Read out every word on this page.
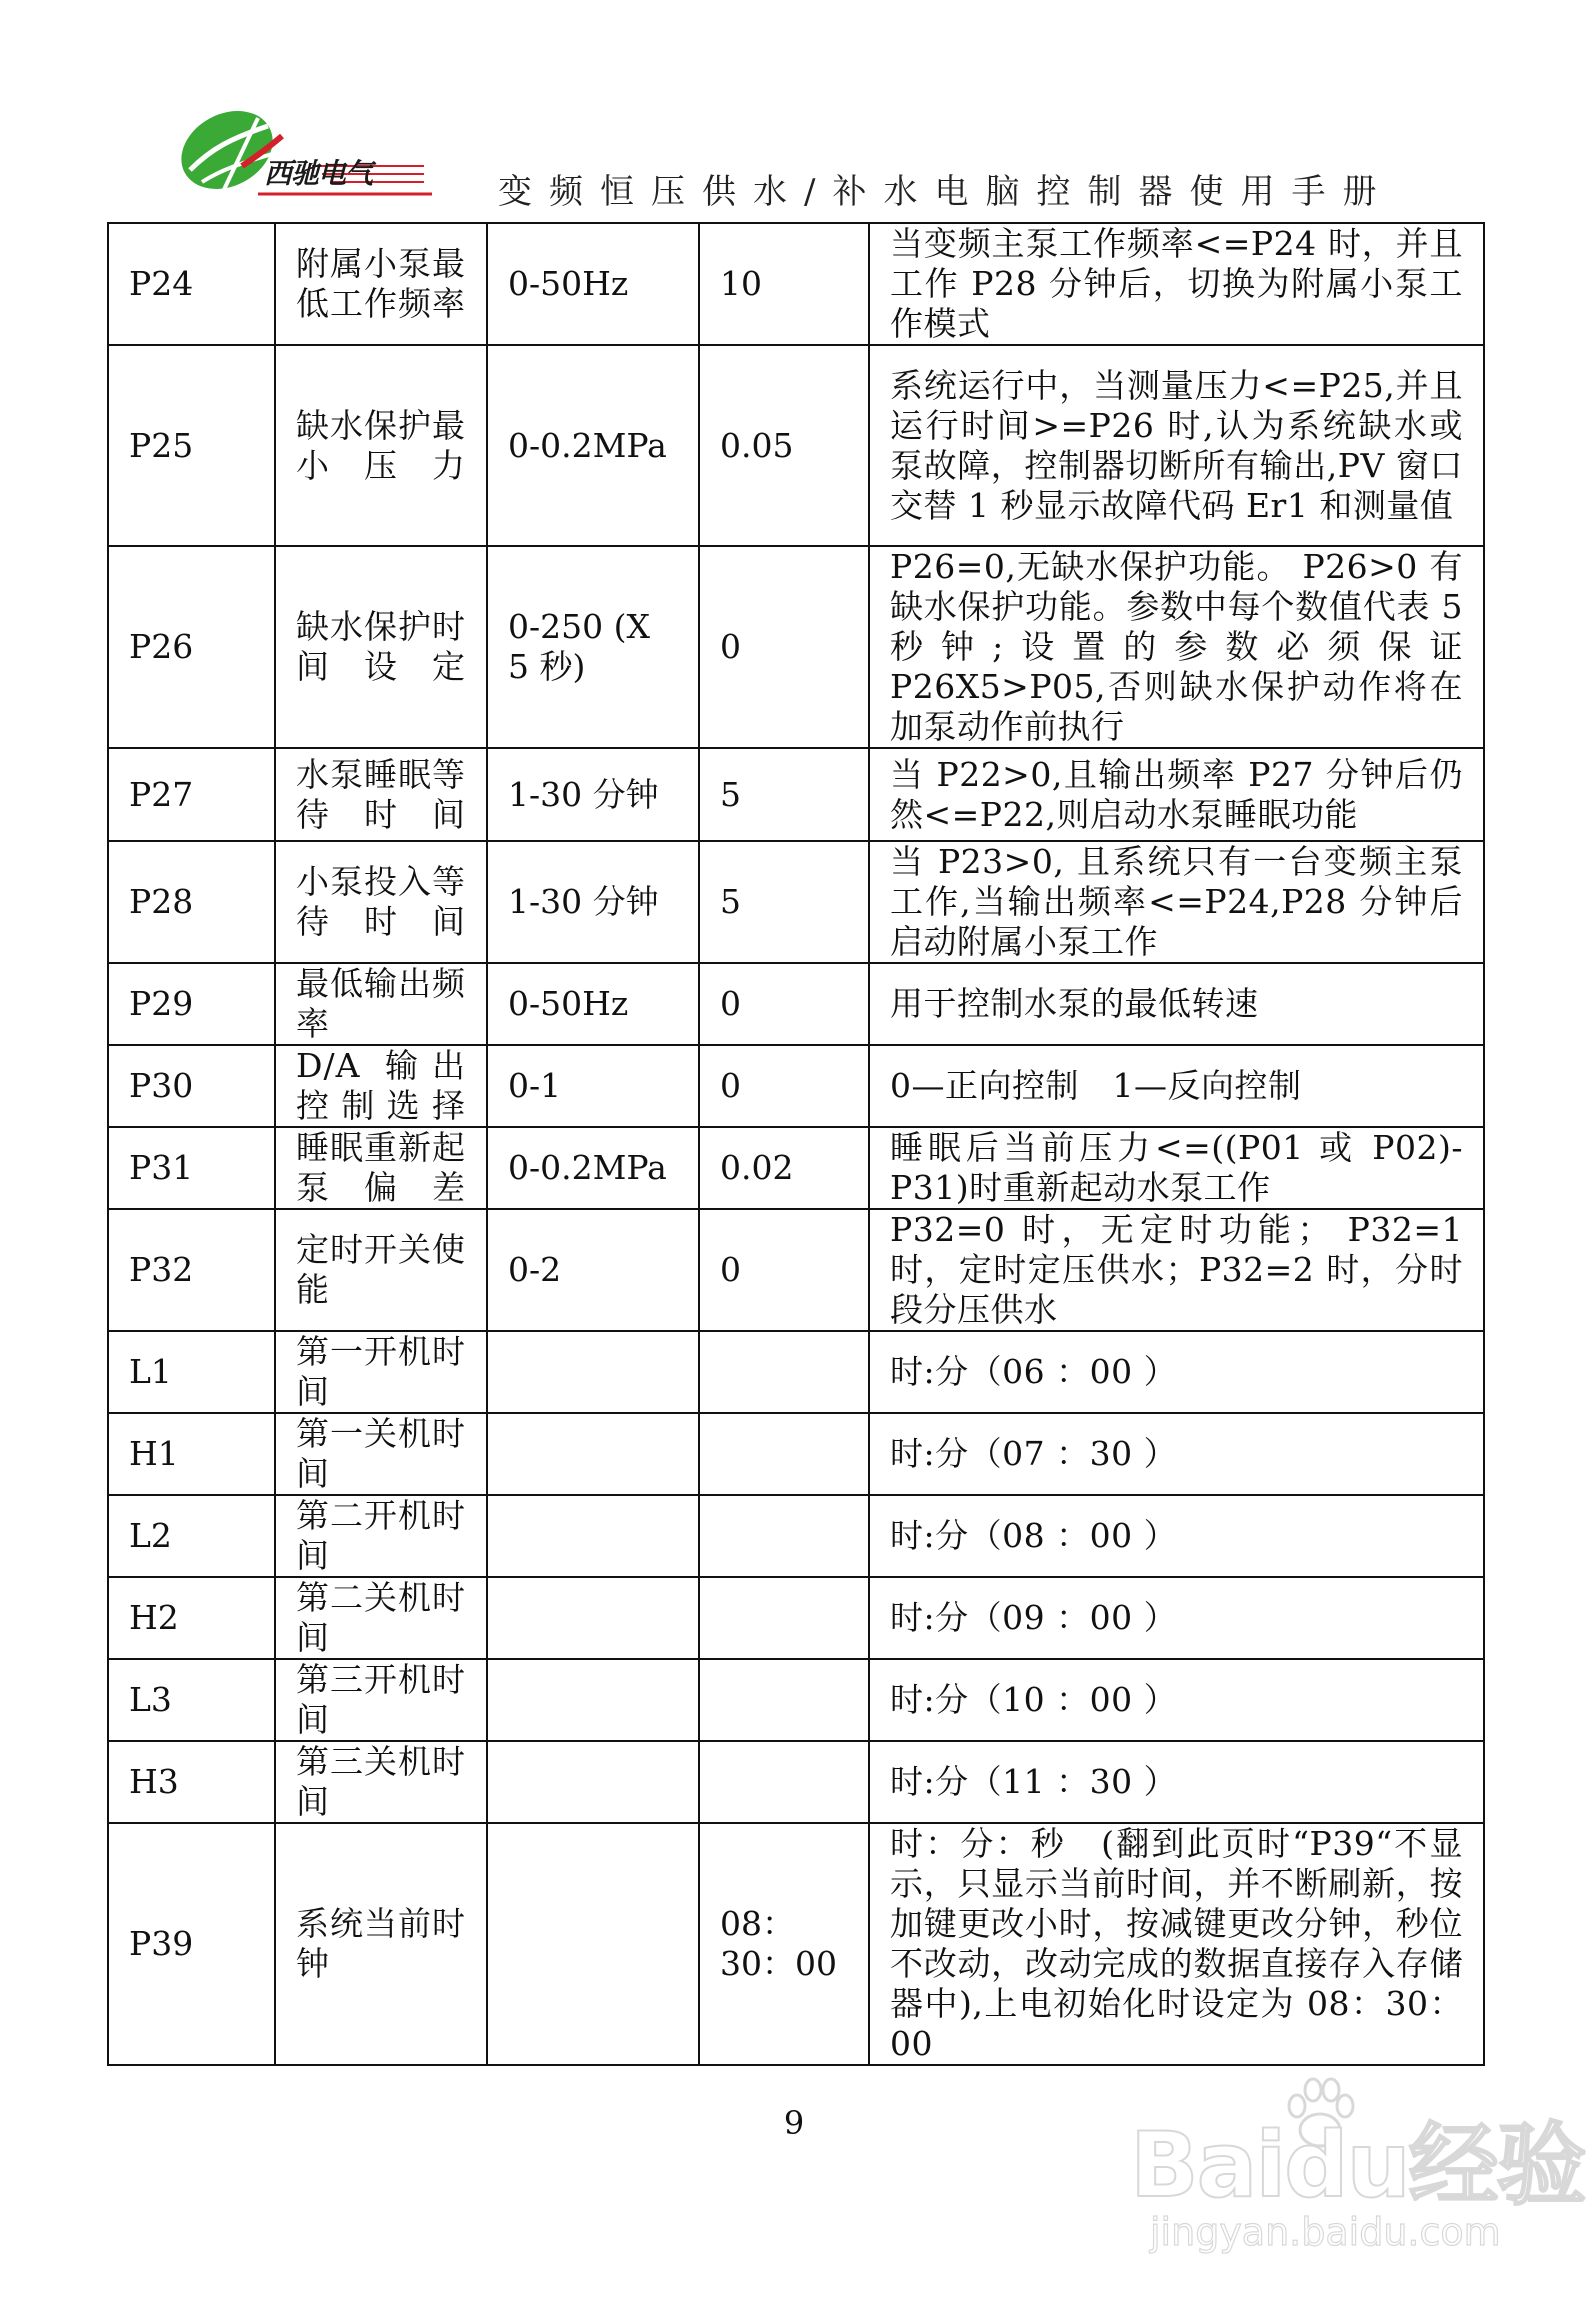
西驰电气	变频恒压供水/补水电脑控制器使用手册
P24	附属小泵最低工作频率	0-50Hz	10	当变频主泵工作频率<=P24 时，并且工作 P28 分钟后，切换为附属小泵工作模式
P25	缺水保护最小压力	0-0.2MPa	0.05	系统运行中，当测量压力<=P25,并且运行时间>=P26 时,认为系统缺水或泵故障，控制器切断所有输出,PV 窗口交替 1 秒显示故障代码 Er1 和测量值
P26	缺水保护时间设定	0-250 (X 5 秒)	0	P26=0,无缺水保护功能。 P26>0 有缺水保护功能。参数中每个数值代表 5 秒钟;设置的参数必须保证 P26X5>P05,否则缺水保护动作将在加泵动作前执行
P27	水泵睡眠等待时间	1-30 分钟	5	当 P22>0,且输出频率 P27 分钟后仍然<=P22,则启动水泵睡眠功能
P28	小泵投入等待时间	1-30 分钟	5	当 P23>0, 且系统只有一台变频主泵工作,当输出频率<=P24,P28 分钟后启动附属小泵工作
P29	最低输出频率	0-50Hz	0	用于控制水泵的最低转速
P30	D/A 输出控制选择	0-1	0	0—正向控制　1—反向控制
P31	睡眠重新起泵偏差	0-0.2MPa	0.02	睡眠后当前压力<=((P01 或 P02)-P31)时重新起动水泵工作
P32	定时开关使能	0-2	0	P32=0 时，无定时功能； P32=1 时，定时定压供水；P32=2 时，分时段分压供水
L1	第一开机时间			时:分（06 ：00 ）
H1	第一关机时间			时:分（07 ：30 ）
L2	第二开机时间			时:分（08 ：00 ）
H2	第二关机时间			时:分（09 ：00 ）
L3	第三开机时间			时:分（10 ：00 ）
H3	第三关机时间			时:分（11 ：30 ）
P39	系统当前时钟		08：30：00	时：分：秒　(翻到此页时“P39“不显示，只显示当前时间，并不断刷新，按加键更改小时，按减键更改分钟，秒位不改动，改动完成的数据直接存入存储器中),上电初始化时设定为 08：30：00
9	Baidu经验
jingyan.baidu.com
